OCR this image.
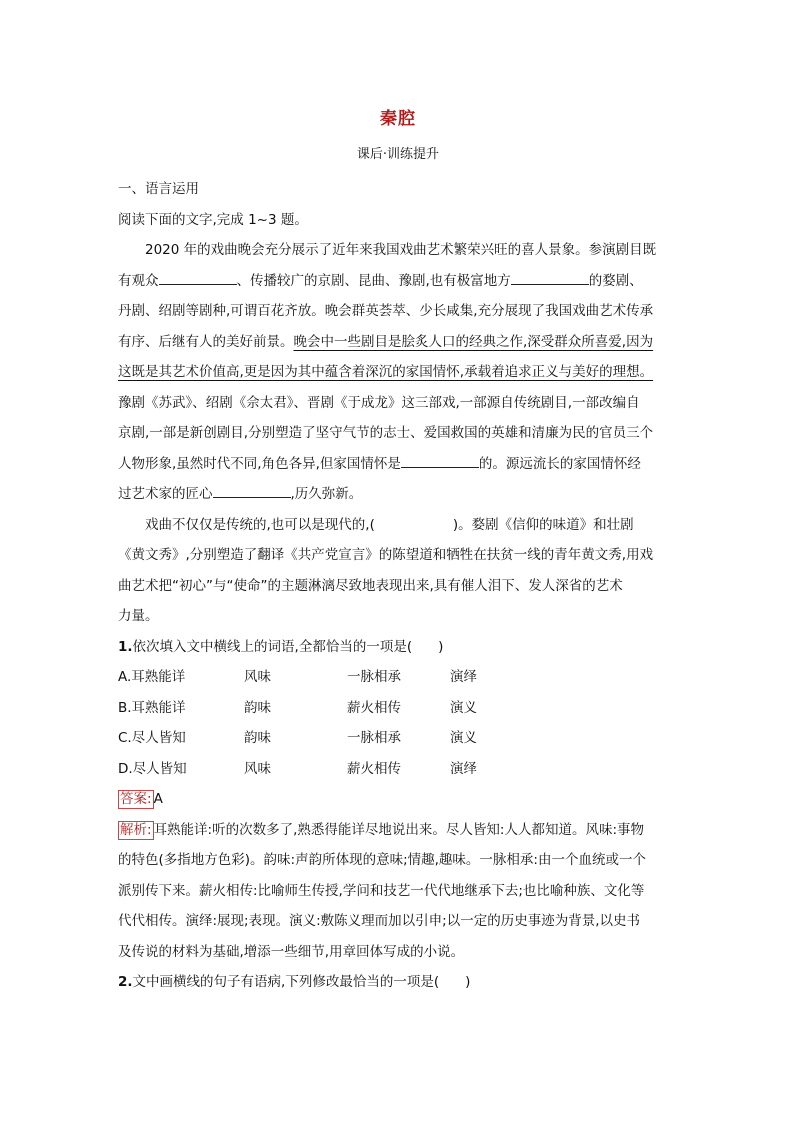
秦腔
课后·训练提升
一、语言运用
阅读下面的文字,完成 1~3 题。
2020 年的戏曲晚会充分展示了近年来我国戏曲艺术繁荣兴旺的喜人景象。参演剧目既
有观众	、传播较广的京剧、昆曲、豫剧,也有极富地方	的婺剧、
丹剧、绍剧等剧种,可谓百花齐放。晚会群英荟萃、少长咸集,充分展现了我国戏曲艺术传承
有序、后继有人的美好前景。晚会中一些剧目是脍炙人口的经典之作,深受群众所喜爱,因为
这既是其艺术价值高,更是因为其中蕴含着深沉的家国情怀,承载着追求正义与美好的理想。
豫剧《苏武》、绍剧《佘太君》、晋剧《于成龙》这三部戏,一部源自传统剧目,一部改编自
京剧,一部是新创剧目,分别塑造了坚守气节的志士、爱国救国的英雄和清廉为民的官员三个
人物形象,虽然时代不同,角色各异,但家国情怀是	的。源远流长的家国情怀经
过艺术家的匠心	,历久弥新。
戏曲不仅仅是传统的,也可以是现代的,(	)。婺剧《信仰的味道》和壮剧
《黄文秀》,分别塑造了翻译《共产党宣言》的陈望道和牺牲在扶贫一线的青年黄文秀,用戏
曲艺术把“初心”与“使命”的主题淋漓尽致地表现出来,具有催人泪下、发人深省的艺术
力量。
1.依次填入文中横线上的词语,全都恰当的一项是( )
A.耳熟能详	风味	一脉相承	演绎
B.耳熟能详	韵味	薪火相传	演义
C.尽人皆知	韵味	一脉相承	演义
D.尽人皆知	风味	薪火相传	演绎
答案: A
解析: 耳熟能详:听的次数多了,熟悉得能详尽地说出来。尽人皆知:人人都知道。风味:事物
的特色(多指地方色彩)。韵味:声韵所体现的意味;情趣,趣味。一脉相承:由一个血统或一个
派别传下来。薪火相传:比喻师生传授,学问和技艺一代代地继承下去;也比喻种族、文化等
代代相传。演绎:展现;表现。演义:敷陈义理而加以引申;以一定的历史事迹为背景,以史书
及传说的材料为基础,增添一些细节,用章回体写成的小说。
2.文中画横线的句子有语病,下列修改最恰当的一项是( )
